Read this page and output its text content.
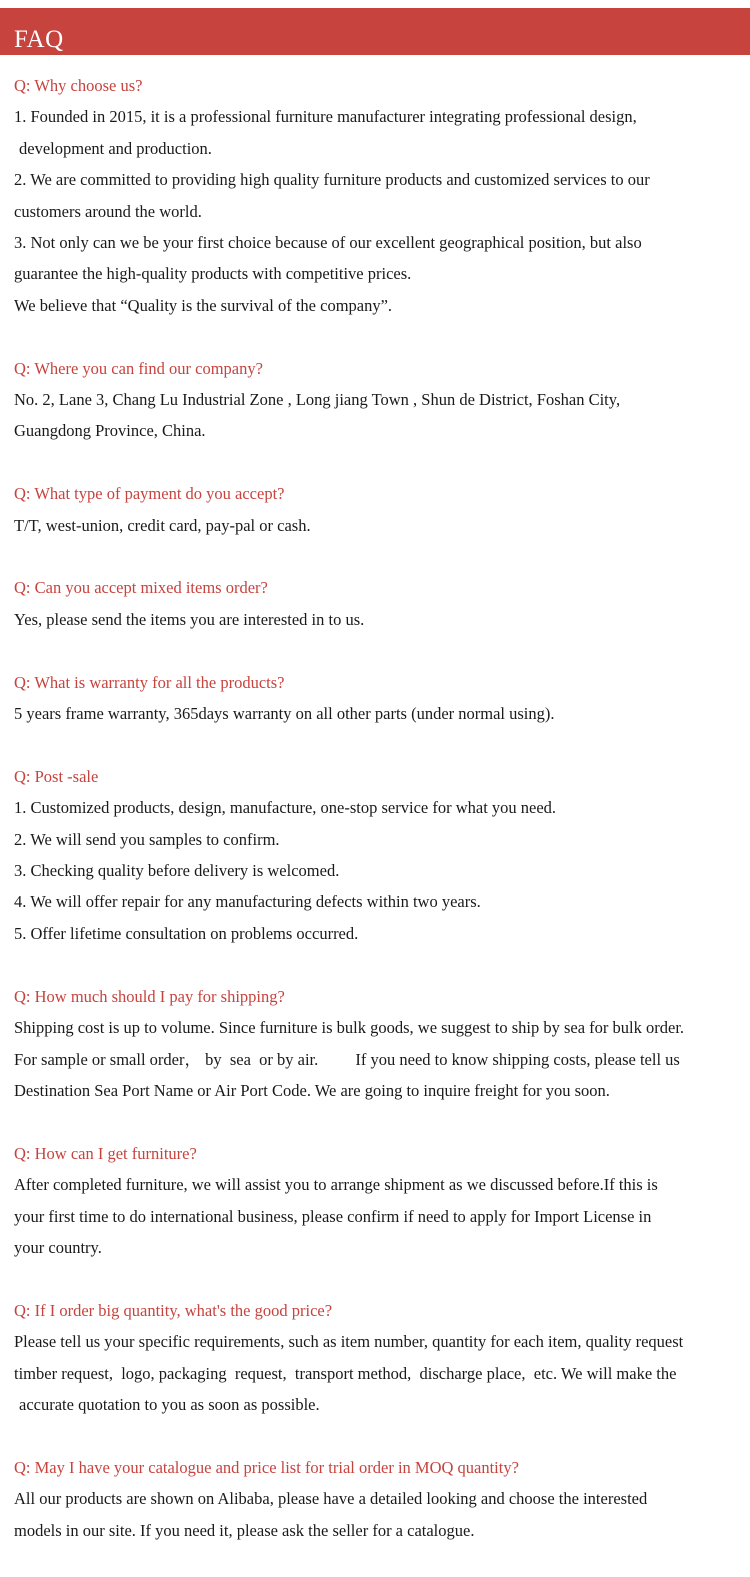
FAQ
Q: Why choose us?
1. Founded in 2015, it is a professional furniture manufacturer integrating professional design,
development and production.
2. We are committed to providing high quality furniture products and customized services to our
customers around the world.
3. Not only can we be your first choice because of our excellent geographical position, but also
guarantee the high-quality products with competitive prices.
We believe that “Quality is the survival of the company”.
Q: Where you can find our company?
No. 2, Lane 3, Chang Lu Industrial Zone , Long jiang Town , Shun de District, Foshan City,
Guangdong Province, China.
Q: What type of payment do you accept?
T/T, west-union, credit card, pay-pal or cash.
Q: Can you accept mixed items order?
Yes, please send the items you are interested in to us.
Q: What is warranty for all the products?
5 years frame warranty, 365days warranty on all other parts (under normal using).
Q: Post -sale
1. Customized products, design, manufacture, one-stop service for what you need.
2. We will send you samples to confirm.
3. Checking quality before delivery is welcomed.
4. We will offer repair for any manufacturing defects within two years.
5. Offer lifetime consultation on problems occurred.
Q: How much should I pay for shipping?
Shipping cost is up to volume. Since furniture is bulk goods, we suggest to ship by sea for bulk order.
For sample or small order， by  sea  or by air.         If you need to know shipping costs, please tell us
Destination Sea Port Name or Air Port Code. We are going to inquire freight for you soon.
Q: How can I get furniture?
After completed furniture, we will assist you to arrange shipment as we discussed before.If this is
your first time to do international business, please confirm if need to apply for Import License in
your country.
Q: If I order big quantity, what's the good price?
Please tell us your specific requirements, such as item number, quantity for each item, quality request
timber request,  logo, packaging  request,  transport method,  discharge place,  etc. We will make the
accurate quotation to you as soon as possible.
Q: May I have your catalogue and price list for trial order in MOQ quantity?
All our products are shown on Alibaba, please have a detailed looking and choose the interested
models in our site. If you need it, please ask the seller for a catalogue.
